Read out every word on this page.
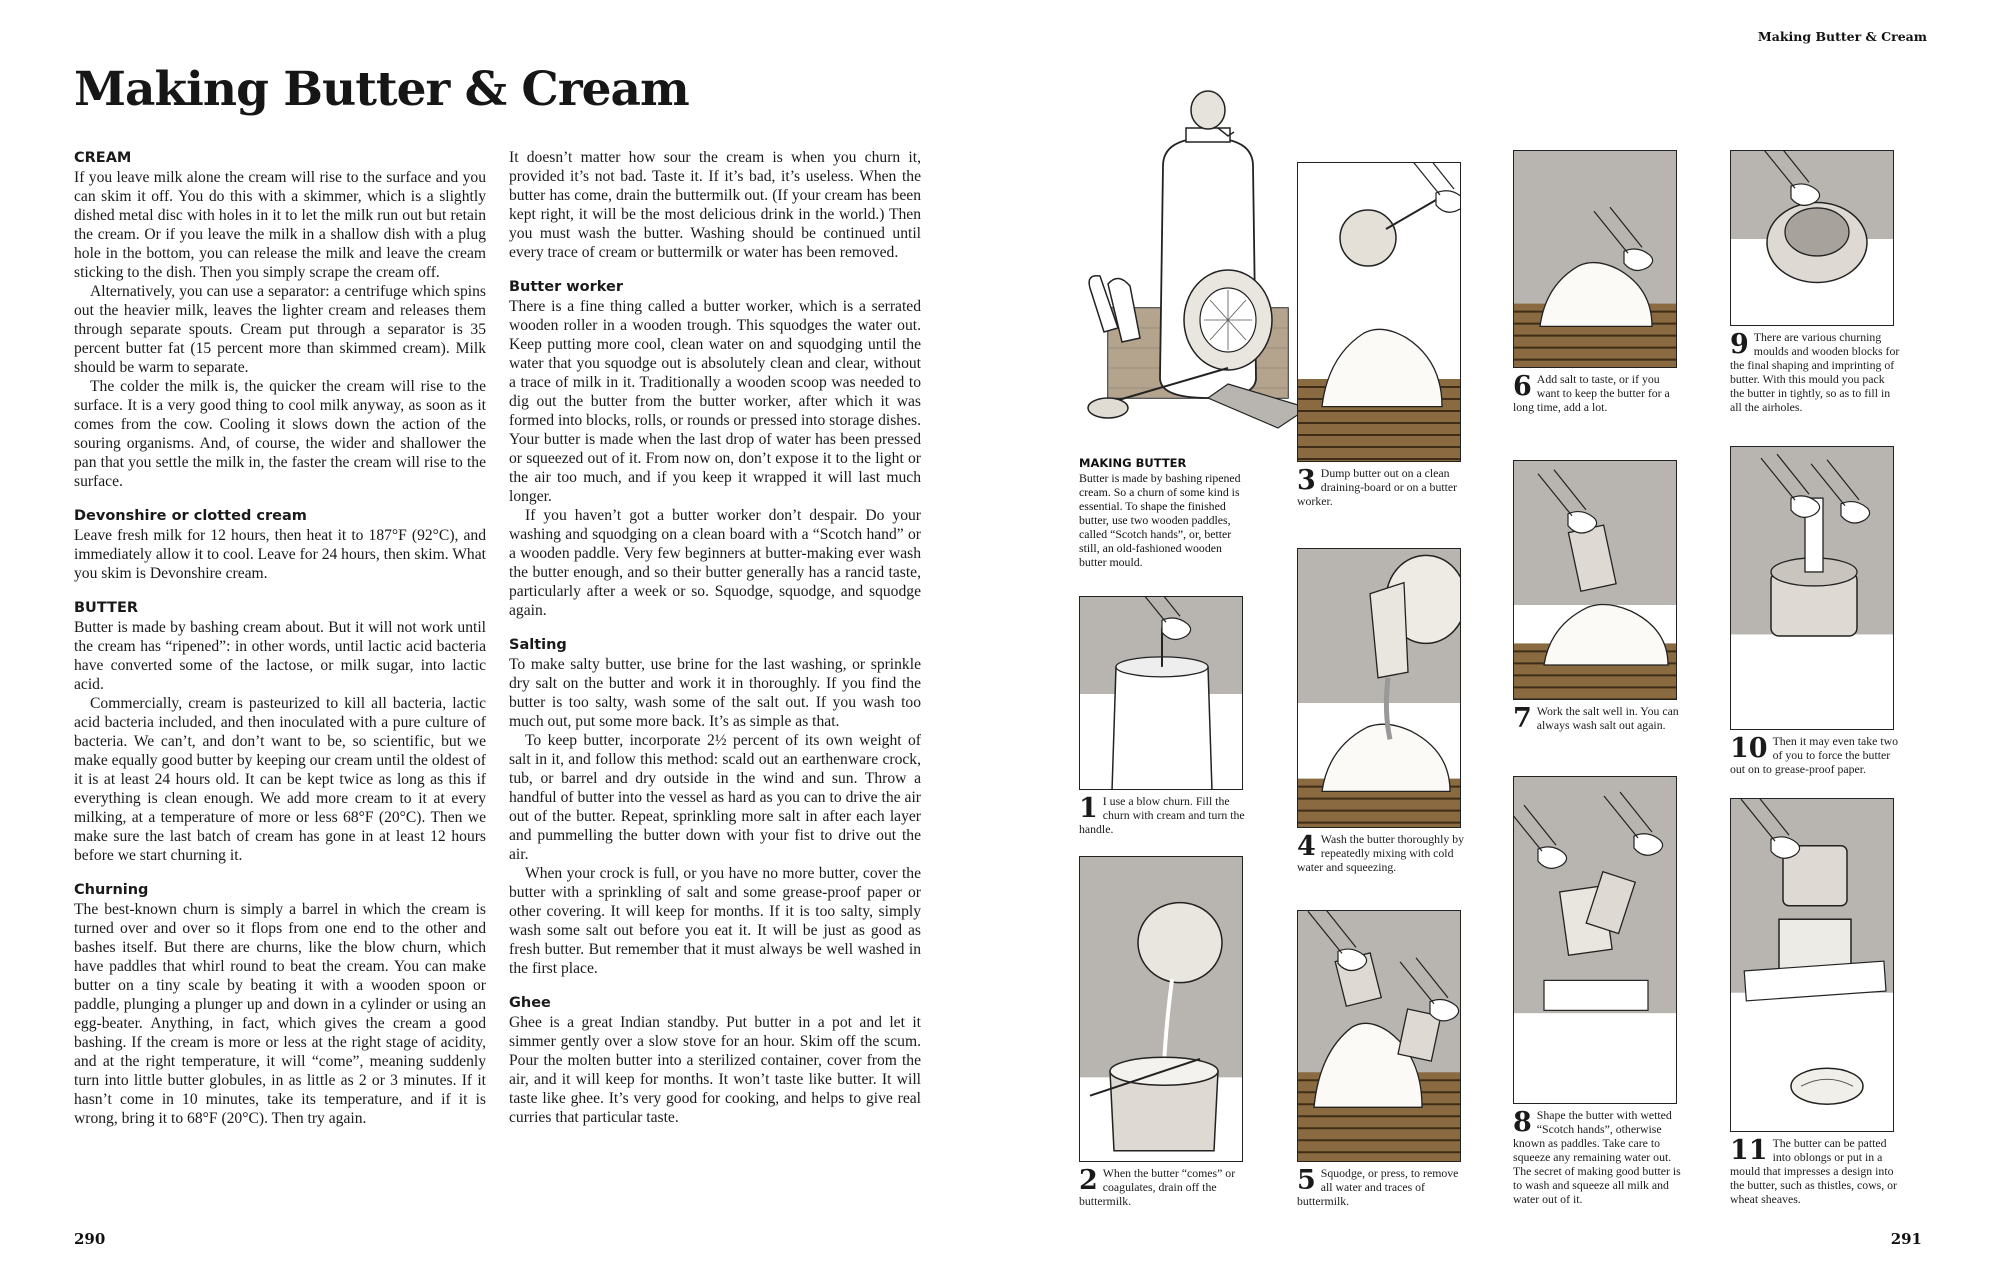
Making Butter & Cream
CREAM

If you leave milk alone the cream will rise to the surface and you can skim it off. You do this with a skimmer, which is a slightly dished metal disc with holes in it to let the milk run out but retain the cream. Or if you leave the milk in a shallow dish with a plug hole in the bottom, you can release the milk and leave the cream sticking to the dish. Then you simply scrape the cream off.

Alternatively, you can use a separator: a centrifuge which spins out the heavier milk, leaves the lighter cream and releases them through separate spouts. Cream put through a separator is 35 percent butter fat (15 percent more than skimmed cream). Milk should be warm to separate.

The colder the milk is, the quicker the cream will rise to the surface. It is a very good thing to cool milk anyway, as soon as it comes from the cow. Cooling it slows down the action of the souring organisms. And, of course, the wider and shallower the pan that you settle the milk in, the faster the cream will rise to the surface.

Devonshire or clotted cream

Leave fresh milk for 12 hours, then heat it to 187°F (92°C), and immediately allow it to cool. Leave for 24 hours, then skim. What you skim is Devonshire cream.

BUTTER

Butter is made by bashing cream about. But it will not work until the cream has “ripened”: in other words, until lactic acid bacteria have converted some of the lactose, or milk sugar, into lactic acid.

Commercially, cream is pasteurized to kill all bacteria, lactic acid bacteria included, and then inoculated with a pure culture of bacteria. We can’t, and don’t want to be, so scientific, but we make equally good butter by keeping our cream until the oldest of it is at least 24 hours old. It can be kept twice as long as this if everything is clean enough. We add more cream to it at every milking, at a temperature of more or less 68°F (20°C). Then we make sure the last batch of cream has gone in at least 12 hours before we start churning it.

Churning

The best-known churn is simply a barrel in which the cream is turned over and over so it flops from one end to the other and bashes itself. But there are churns, like the blow churn, which have paddles that whirl round to beat the cream. You can make butter on a tiny scale by beating it with a wooden spoon or paddle, plunging a plunger up and down in a cylinder or using an egg-beater. Anything, in fact, which gives the cream a good bashing. If the cream is more or less at the right stage of acidity, and at the right temperature, it will “come”, meaning suddenly turn into little butter globules, in as little as 2 or 3 minutes. If it hasn’t come in 10 minutes, take its temperature, and if it is wrong, bring it to 68°F (20°C). Then try again.

It doesn’t matter how sour the cream is when you churn it, provided it’s not bad. Taste it. If it’s bad, it’s useless. When the butter has come, drain the buttermilk out. (If your cream has been kept right, it will be the most delicious drink in the world.) Then you must wash the butter. Washing should be continued until every trace of cream or buttermilk or water has been removed.

Butter worker

There is a fine thing called a butter worker, which is a serrated wooden roller in a wooden trough. This squodges the water out. Keep putting more cool, clean water on and squodging until the water that you squodge out is absolutely clean and clear, without a trace of milk in it. Traditionally a wooden scoop was needed to dig out the butter from the butter worker, after which it was formed into blocks, rolls, or rounds or pressed into storage dishes. Your butter is made when the last drop of water has been pressed or squeezed out of it. From now on, don’t expose it to the light or the air too much, and if you keep it wrapped it will last much longer.

If you haven’t got a butter worker don’t despair. Do your washing and squodging on a clean board with a “Scotch hand” or a wooden paddle. Very few beginners at butter-making ever wash the butter enough, and so their butter generally has a rancid taste, particularly after a week or so. Squodge, squodge, and squodge again.

Salting

To make salty butter, use brine for the last washing, or sprinkle dry salt on the butter and work it in thoroughly. If you find the butter is too salty, wash some of the salt out. If you wash too much out, put some more back. It’s as simple as that.

To keep butter, incorporate 2½ percent of its own weight of salt in it, and follow this method: scald out an earthenware crock, tub, or barrel and dry outside in the wind and sun. Throw a handful of butter into the vessel as hard as you can to drive the air out of the butter. Repeat, sprinkling more salt in after each layer and pummelling the butter down with your fist to drive out the air.

When your crock is full, or you have no more butter, cover the butter with a sprinkling of salt and some grease-proof paper or other covering. It will keep for months. If it is too salty, simply wash some salt out before you eat it. It will be just as good as fresh butter. But remember that it must always be well washed in the first place.

Ghee

Ghee is a great Indian standby. Put butter in a pot and let it simmer gently over a slow stove for an hour. Skim off the scum. Pour the molten butter into a sterilized container, cover from the air, and it will keep for months. It won’t taste like butter. It will taste like ghee. It’s very good for cooking, and helps to give real curries that particular taste.

290
Making Butter & Cream
MAKING BUTTER
Butter is made by bashing ripened cream. So a churn of some kind is essential. To shape the finished butter, use two wooden paddles, called “Scotch hands”, or, better still, an old-fashioned wooden butter mould.
1 I use a blow churn. Fill the churn with cream and turn the handle.
2 When the butter “comes” or coagulates, drain off the buttermilk.
3 Dump butter out on a clean draining-board or on a butter worker.
4 Wash the butter thoroughly by repeatedly mixing with cold water and squeezing.
5 Squodge, or press, to remove all water and traces of buttermilk.
6 Add salt to taste, or if you want to keep the butter for a long time, add a lot.
7 Work the salt well in. You can always wash salt out again.
8 Shape the butter with wetted “Scotch hands”, otherwise known as paddles. Take care to squeeze any remaining water out. The secret of making good butter is to wash and squeeze all milk and water out of it.
9 There are various churning moulds and wooden blocks for the final shaping and imprinting of butter. With this mould you pack the butter in tightly, so as to fill in all the airholes.
10 Then it may even take two of you to force the butter out on to grease-proof paper.
11 The butter can be patted into oblongs or put in a mould that impresses a design into the butter, such as thistles, cows, or wheat sheaves.
291
